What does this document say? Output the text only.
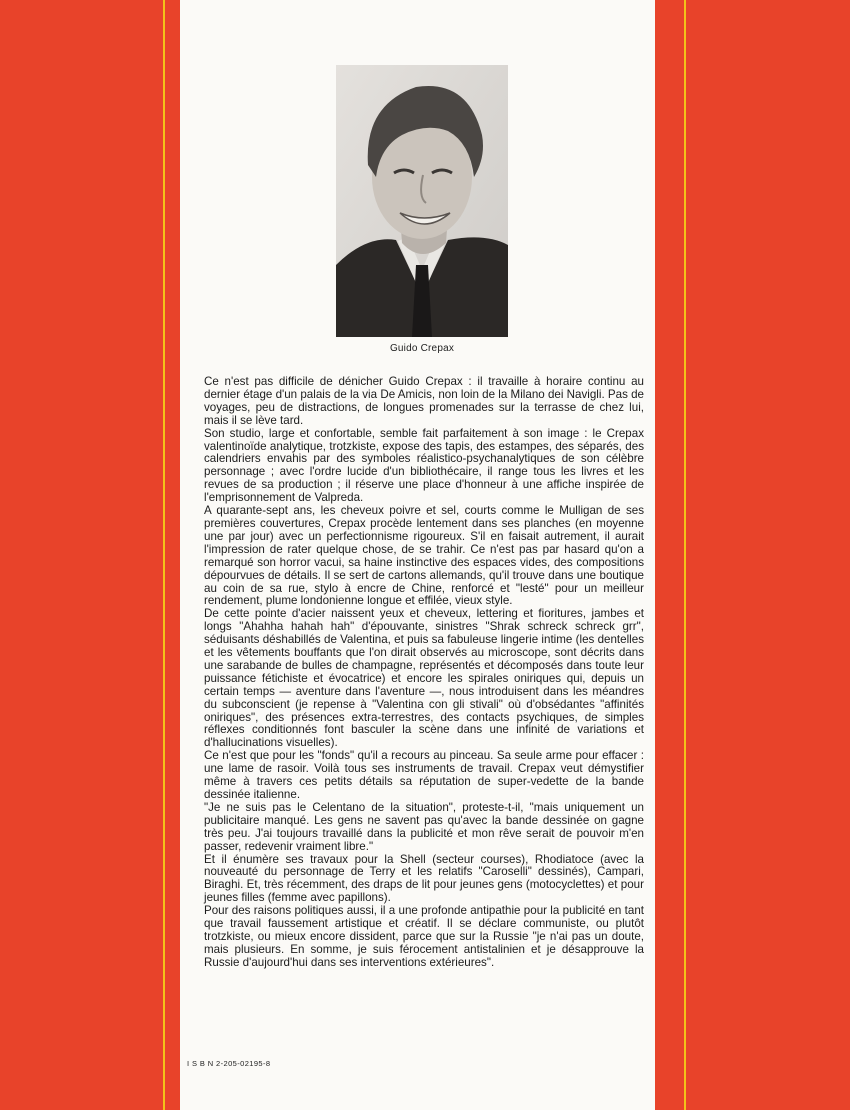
Guido Crepax

Ce n'est pas difficile de dénicher Guido Crepax : il travaille à horaire continu au dernier étage d'un palais de la via De Amicis, non loin de la Milano dei Navigli. Pas de voyages, peu de distractions, de longues promenades sur la terrasse de chez lui, mais il se lève tard.

Son studio, large et confortable, semble fait parfaitement à son image : le Crepax valentinoïde analytique, trotzkiste, expose des tapis, des estampes, des séparés, des calendriers envahis par des symboles réalistico-psychanalytiques de son célèbre personnage ; avec l'ordre lucide d'un bibliothécaire, il range tous les livres et les revues de sa production ; il réserve une place d'honneur à une affiche inspirée de l'emprisonnement de Valpreda.

A quarante-sept ans, les cheveux poivre et sel, courts comme le Mulligan de ses premières couvertures, Crepax procède lentement dans ses planches (en moyenne une par jour) avec un perfectionnisme rigoureux. S'il en faisait autrement, il aurait l'impression de rater quelque chose, de se trahir. Ce n'est pas par hasard qu'on a remarqué son horror vacui, sa haine instinctive des espaces vides, des compositions dépourvues de détails. Il se sert de cartons allemands, qu'il trouve dans une boutique au coin de sa rue, stylo à encre de Chine, renforcé et "lesté" pour un meilleur rendement, plume londonienne longue et effilée, vieux style.

De cette pointe d'acier naissent yeux et cheveux, lettering et fioritures, jambes et longs "Ahahha hahah hah" d'épouvante, sinistres "Shrak schreck schreck grr", séduisants déshabillés de Valentina, et puis sa fabuleuse lingerie intime (les dentelles et les vêtements bouffants que l'on dirait observés au microscope, sont décrits dans une sarabande de bulles de champagne, représentés et décomposés dans toute leur puissance fétichiste et évocatrice) et encore les spirales oniriques qui, depuis un certain temps — aventure dans l'aventure —, nous introduisent dans les méandres du subconscient (je repense à "Valentina con gli stivali" où d'obsédantes "affinités oniriques", des présences extra-terrestres, des contacts psychiques, de simples réflexes conditionnés font basculer la scène dans une infinité de variations et d'hallucinations visuelles).

Ce n'est que pour les "fonds" qu'il a recours au pinceau. Sa seule arme pour effacer : une lame de rasoir. Voilà tous ses instruments de travail. Crepax veut démystifier même à travers ces petits détails sa réputation de super-vedette de la bande dessinée italienne.

"Je ne suis pas le Celentano de la situation", proteste-t-il, "mais uniquement un publicitaire manqué. Les gens ne savent pas qu'avec la bande dessinée on gagne très peu. J'ai toujours travaillé dans la publicité et mon rêve serait de pouvoir m'en passer, redevenir vraiment libre."

Et il énumère ses travaux pour la Shell (secteur courses), Rhodiatoce (avec la nouveauté du personnage de Terry et les relatifs "Caroselli" dessinés), Campari, Biraghi. Et, très récemment, des draps de lit pour jeunes gens (motocyclettes) et pour jeunes filles (femme avec papillons).

Pour des raisons politiques aussi, il a une profonde antipathie pour la publicité en tant que travail faussement artistique et créatif. Il se déclare communiste, ou plutôt trotzkiste, ou mieux encore dissident, parce que sur la Russie "je n'ai pas un doute, mais plusieurs. En somme, je suis férocement antistalinien et je désapprouve la Russie d'aujourd'hui dans ses interventions extérieures".

I S B N 2-205-02195-8
